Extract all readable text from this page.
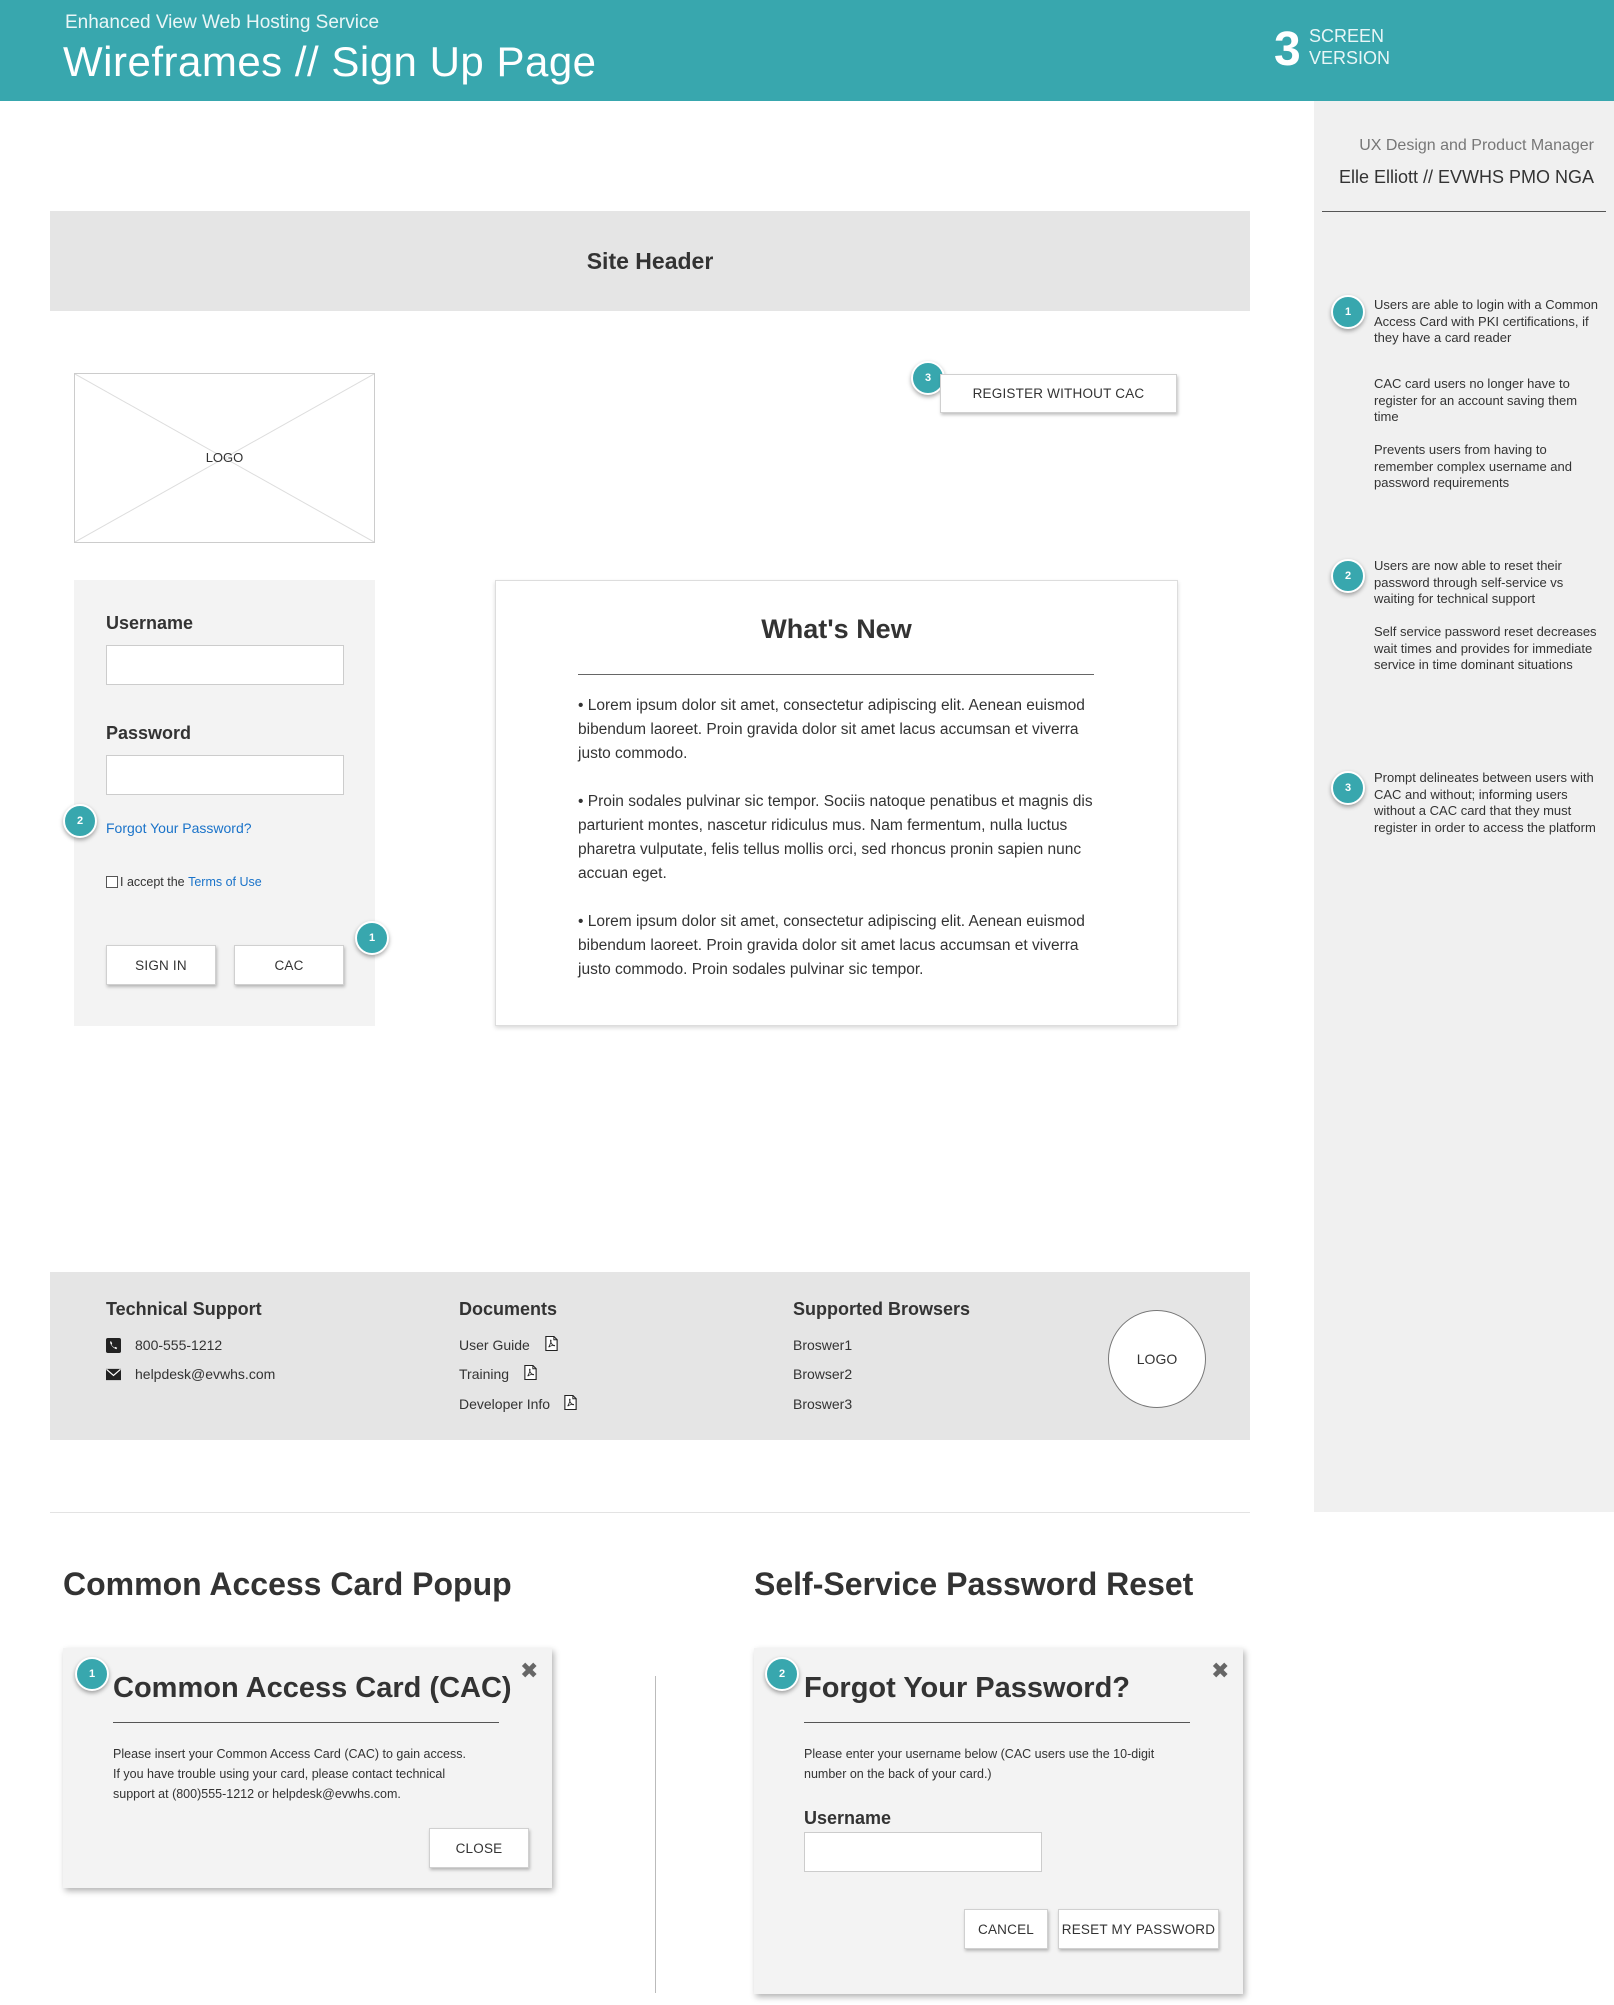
Enhanced View Web Hosting Service
Wireframes // Sign Up Page	3 SCREEN
VERSION
UX Design and Product Manager
Elle Elliott // EVWHS PMO NGA
1	Users are able to login with a Common Access Card with PKI certifications, if they have a card reader
CAC card users no longer have to register for an account saving them time
Prevents users from having to remember complex username and password requirements
2
Users are now able to reset their password through self-service vs waiting for technical support
Self service password reset decreases wait times and provides for immediate service in time dominant situations
3
Prompt delineates between users with CAC and without; informing users without a CAC card that they must register in order to access the platform
Site Header
LOGO
3
REGISTER WITHOUT CAC
Username
Password
Forgot Your Password?
I accept the Terms of Use
SIGN IN	CAC
2
1
What's New
• Lorem ipsum dolor sit amet, consectetur adipiscing elit. Aenean euismod bibendum laoreet. Proin gravida dolor sit amet lacus accumsan et viverra justo commodo.
• Proin sodales pulvinar sic tempor. Sociis natoque penatibus et magnis dis parturient montes, nascetur ridiculus mus. Nam fermentum, nulla luctus pharetra vulputate, felis tellus mollis orci, sed rhoncus pronin sapien nunc accuan eget.
• Lorem ipsum dolor sit amet, consectetur adipiscing elit. Aenean euismod bibendum laoreet. Proin gravida dolor sit amet lacus accumsan et viverra justo commodo. Proin sodales pulvinar sic tempor.
Technical Support
800-555-1212
helpdesk@evwhs.com
Documents
User Guide
Training
Developer Info
Supported Browsers
Broswer1
Browser2
Broswer3
LOGO
Common Access Card Popup	Self-Service Password Reset
Common Access Card (CAC)
✖
Please insert your Common Access Card (CAC) to gain access.
If you have trouble using your card, please contact technical
support at (800)555-1212 or helpdesk@evwhs.com.
CLOSE
1	Forgot Your Password?
✖
Please enter your username below (CAC users use the 10-digit
number on the back of your card.)
Username
CANCEL	RESET MY PASSWORD
2
